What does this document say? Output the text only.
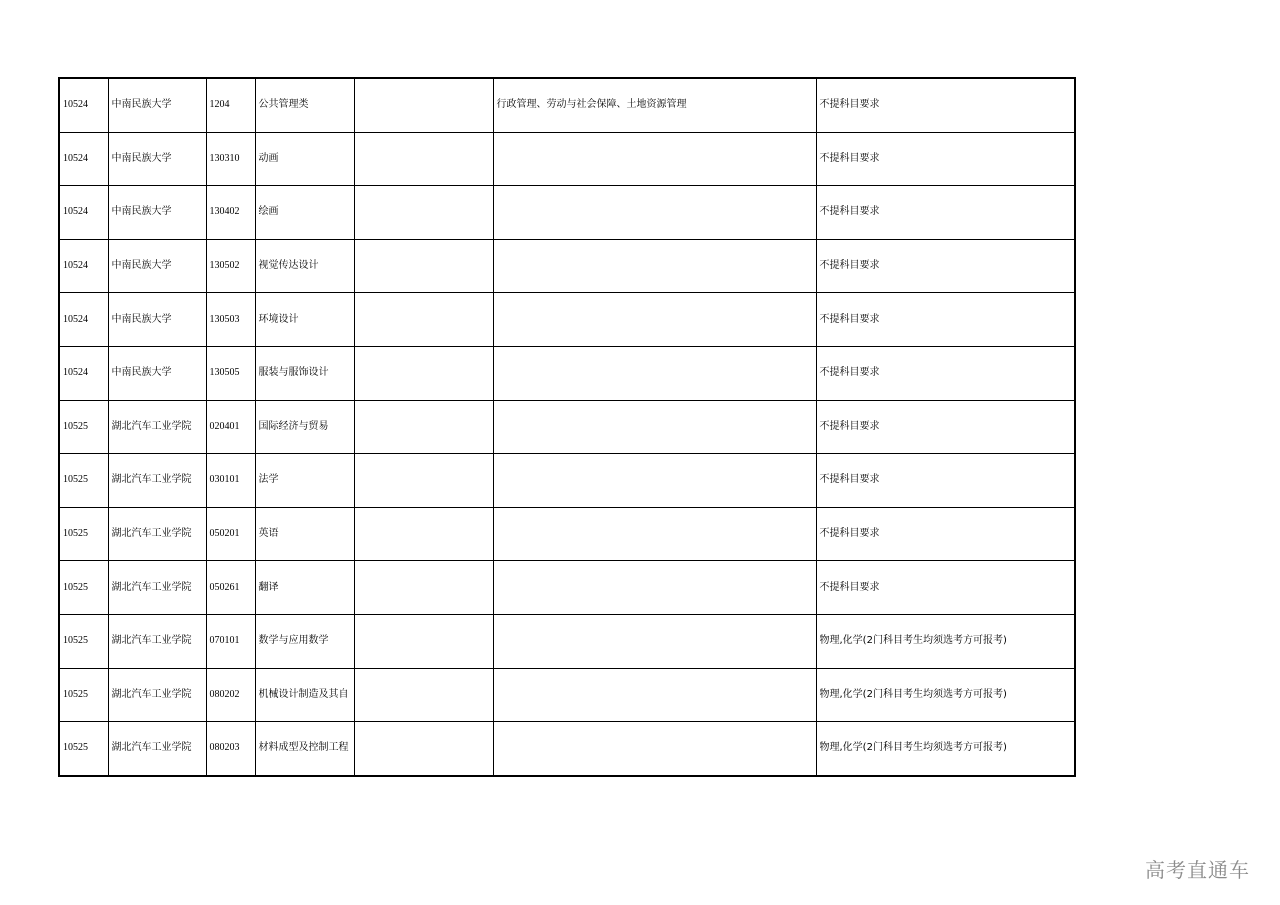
10524	中南民族大学	1204	公共管理类		行政管理、劳动与社会保障、土地资源管理	不提科目要求
10524	中南民族大学	130310	动画			不提科目要求
10524	中南民族大学	130402	绘画			不提科目要求
10524	中南民族大学	130502	视觉传达设计			不提科目要求
10524	中南民族大学	130503	环境设计			不提科目要求
10524	中南民族大学	130505	服装与服饰设计			不提科目要求
10525	湖北汽车工业学院	020401	国际经济与贸易			不提科目要求
10525	湖北汽车工业学院	030101	法学			不提科目要求
10525	湖北汽车工业学院	050201	英语			不提科目要求
10525	湖北汽车工业学院	050261	翻译			不提科目要求
10525	湖北汽车工业学院	070101	数学与应用数学			物理,化学(2门科目考生均须选考方可报考)
10525	湖北汽车工业学院	080202	机械设计制造及其自			物理,化学(2门科目考生均须选考方可报考)
10525	湖北汽车工业学院	080203	材料成型及控制工程			物理,化学(2门科目考生均须选考方可报考)
高考直通车
